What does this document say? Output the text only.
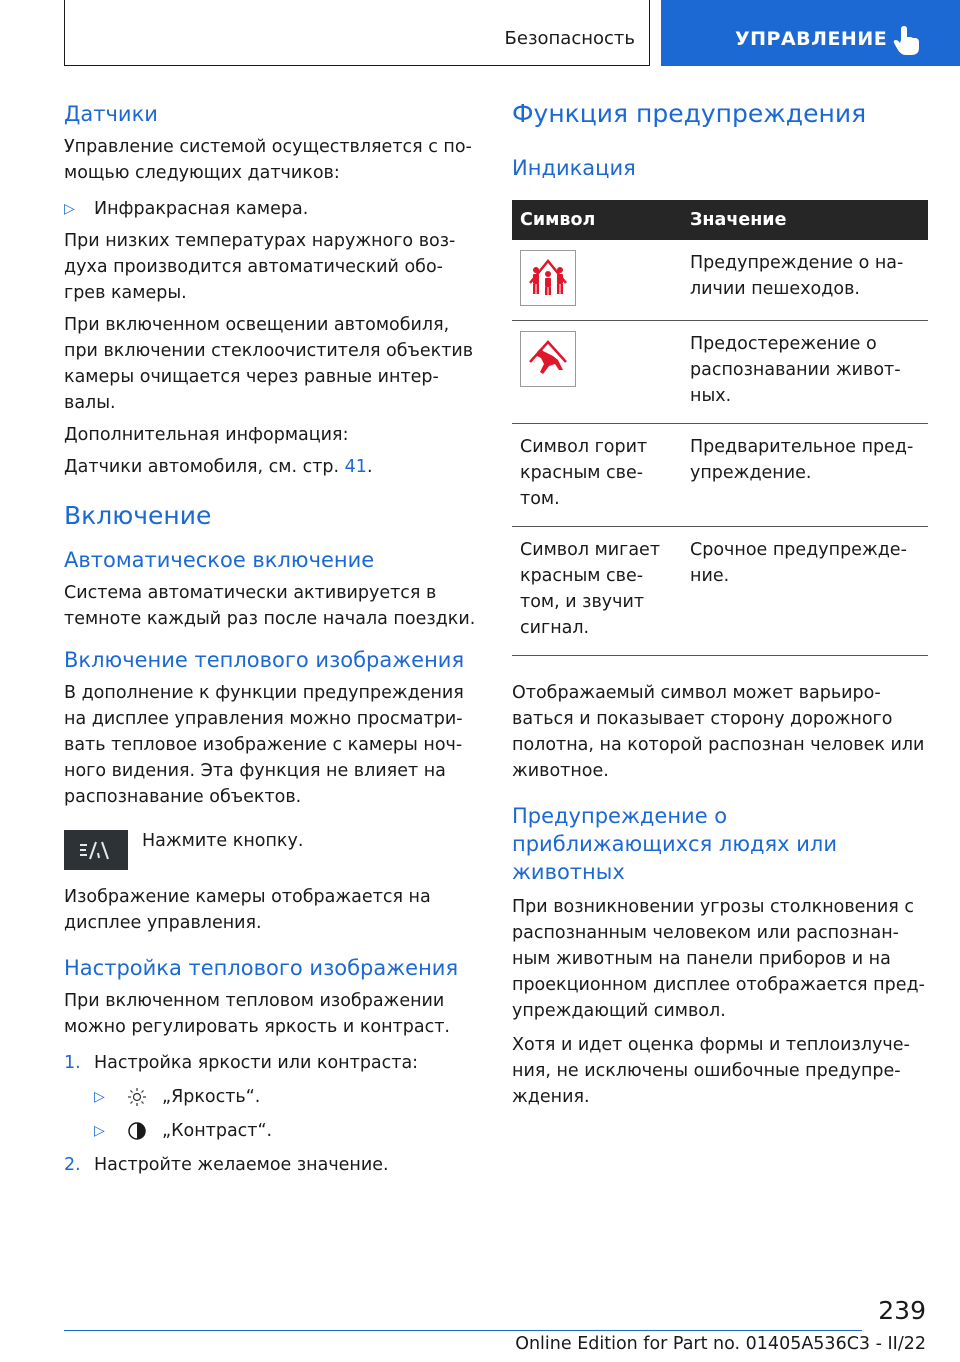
Безопасность	УПРАВЛЕНИЕ
Датчики

Управление системой осуществляется с по-мощью следующих датчиков:

▷	Инфракрасная камера.

При низких температурах наружного воз-духа производится автоматический обо-грев камеры.

При включенном освещении автомобиля, при включении стеклоочистителя объектив камеры очищается через равные интер-валы.

Дополнительная информация:

Датчики автомобиля, см. стр. 41.

Включение
Автоматическое включение

Система автоматически активируется в темноте каждый раз после начала поездки.

Включение теплового изображения

В дополнение к функции предупреждения на дисплее управления можно просматри-вать тепловое изображение с камеры ноч-ного видения. Эта функция не влияет на распознавание объектов.

Нажмите кнопку.

Изображение камеры отображается на дисплее управления.

Настройка теплового изображения

При включенном тепловом изображении можно регулировать яркость и контраст.

1. Настройка яркости или контраста:

▷	„Яркость“.

▷	„Контраст“.

2. Настройте желаемое значение.

Функция предупреждения
Индикация
Символ	Значение

	Предупреждение о на-личии пешеходов.

	Предостережение о распознавании живот-ных.
Символ горит красным све-том.	Предварительное пред-упреждение.
Символ мигает красным све-том, и звучит сигнал.	Срочное предупрежде-ние.

Отображаемый символ может варьиро-ваться и показывает сторону дорожного полотна, на которой распознан человек или животное.

Предупреждение о приближающихся людях или животных

При возникновении угрозы столкновения с распознанным человеком или распознан-ным животным на панели приборов и на проекционном дисплее отображается пред-упреждающий символ.

Хотя и идет оценка формы и теплоизлуче-ния, не исключены ошибочные предупре-ждения.

239
Online Edition for Part no. 01405A536C3 - II/22
